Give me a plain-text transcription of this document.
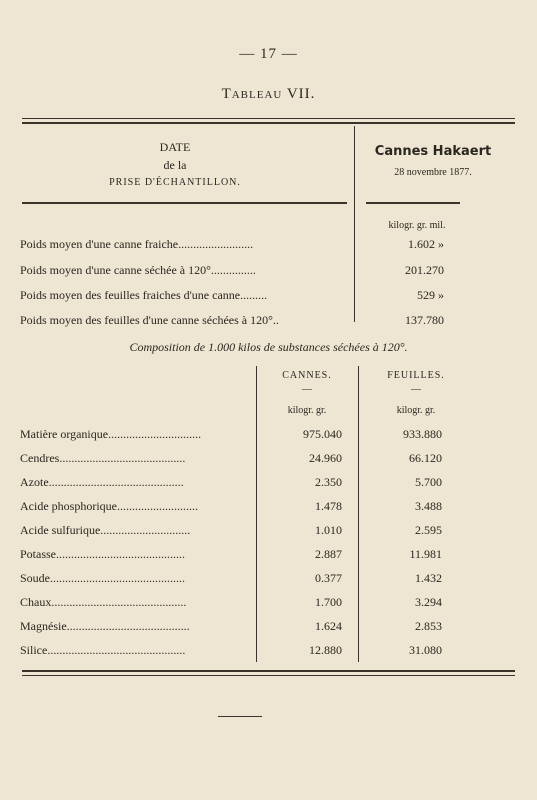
— 17 —
Tableau VII.
DATE
de la
PRISE D'ÉCHANTILLON.
Cannes Hakaert
28 novembre 1877.
kilogr. gr. mil.
Poids moyen d'une canne fraiche.........................	1.602 »
Poids moyen d'une canne séchée à 120°...............	201.270
Poids moyen des feuilles fraiches d'une canne.........	529 »
Poids moyen des feuilles d'une canne séchées à 120°..	137.780
Composition de 1.000 kilos de substances séchées à 120°.
CANNES.	FEUILLES.
—	—
kilogr. gr.	kilogr. gr.
Matière organique...............................	975.040	933.880
Cendres..........................................	24.960	66.120
Azote.............................................	2.350	5.700
Acide phosphorique...........................	1.478	3.488
Acide sulfurique..............................	1.010	2.595
Potasse...........................................	2.887	11.981
Soude.............................................	0.377	1.432
Chaux.............................................	1.700	3.294
Magnésie.........................................	1.624	2.853
Silice..............................................	12.880	31.080
